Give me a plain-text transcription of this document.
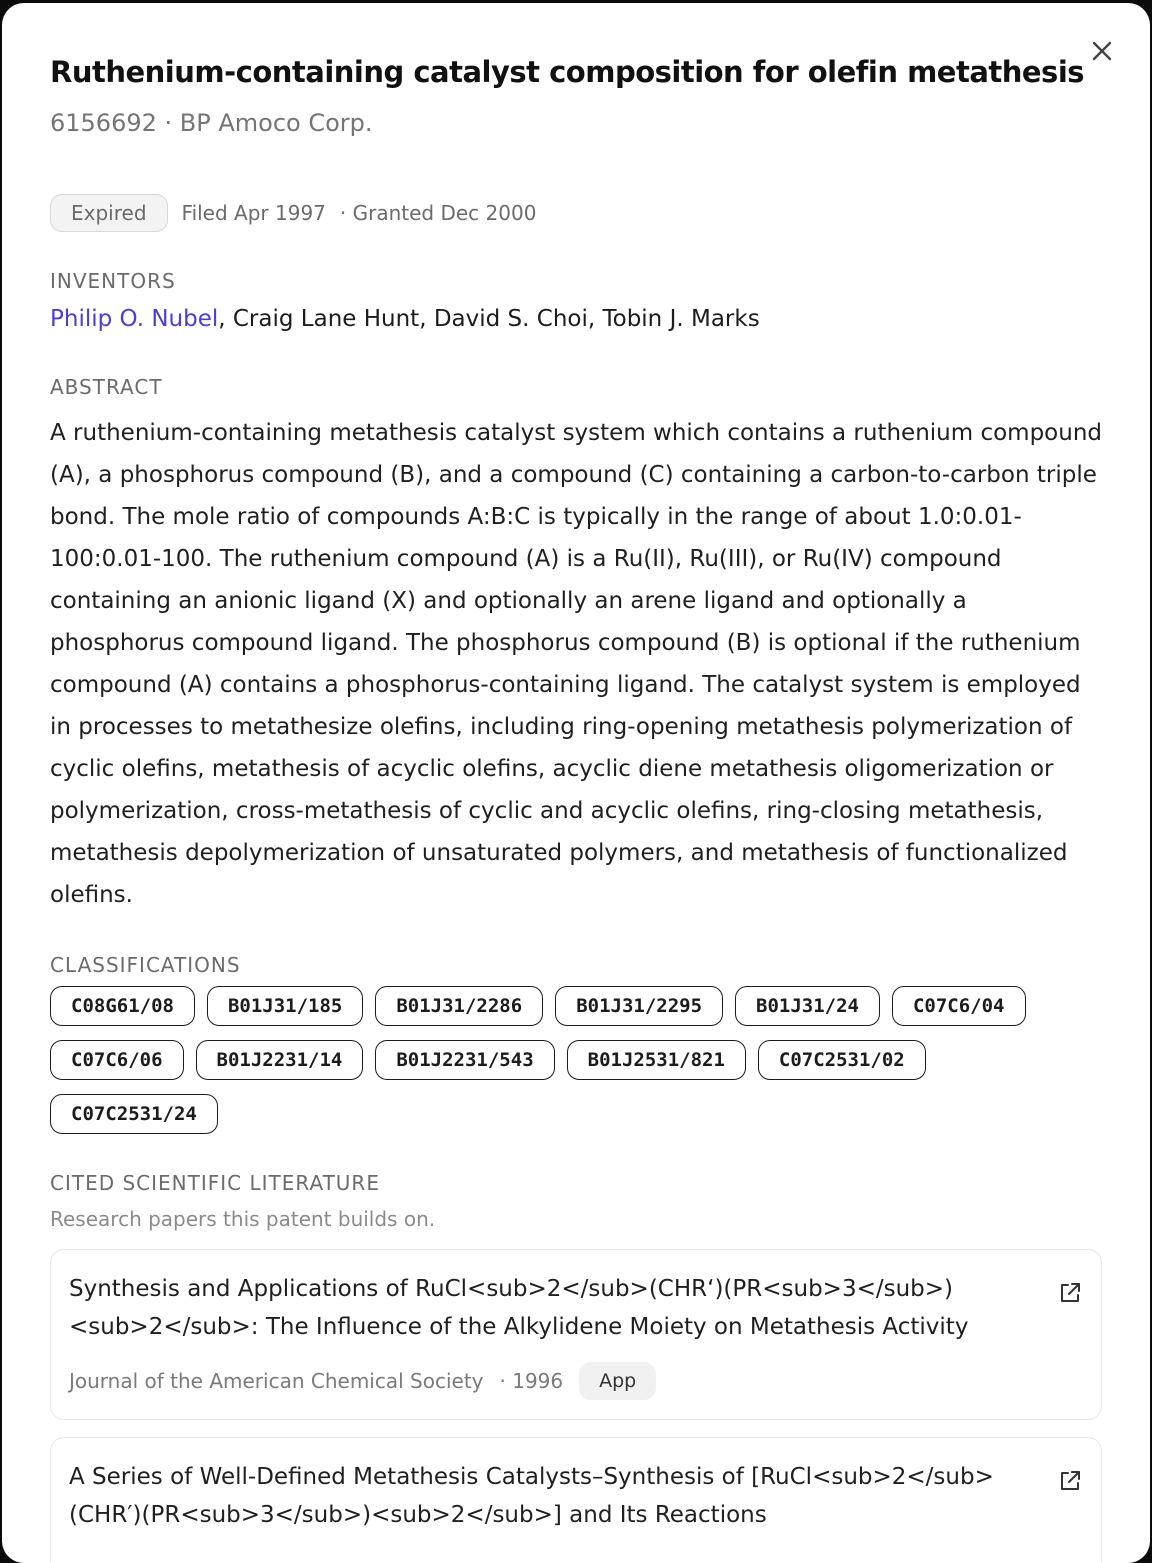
Ruthenium-containing catalyst composition for olefin metathesis
6156692 · BP Amoco Corp.
Expired	Filed Apr 1997 · Granted Dec 2000
INVENTORS
Philip O. Nubel, Craig Lane Hunt, David S. Choi, Tobin J. Marks
ABSTRACT
A ruthenium-containing metathesis catalyst system which contains a ruthenium compound (A), a phosphorus compound (B), and a compound (C) containing a carbon-to-carbon triple bond. The mole ratio of compounds A:B:C is typically in the range of about 1.0:0.01-100:0.01-100. The ruthenium compound (A) is a Ru(II), Ru(III), or Ru(IV) compound containing an anionic ligand (X) and optionally an arene ligand and optionally a phosphorus compound ligand. The phosphorus compound (B) is optional if the ruthenium compound (A) contains a phosphorus-containing ligand. The catalyst system is employed in processes to metathesize olefins, including ring-opening metathesis polymerization of cyclic olefins, metathesis of acyclic olefins, acyclic diene metathesis oligomerization or polymerization, cross-metathesis of cyclic and acyclic olefins, ring-closing metathesis, metathesis depolymerization of unsaturated polymers, and metathesis of functionalized olefins.
CLASSIFICATIONS
C08G61/08	B01J31/185	B01J31/2286	B01J31/2295	B01J31/24	C07C6/04
C07C6/06	B01J2231/14	B01J2231/543	B01J2531/821	C07C2531/02
C07C2531/24
CITED SCIENTIFIC LITERATURE
Research papers this patent builds on.
Synthesis and Applications of RuCl<sub>2</sub>(CHR‘)(PR<sub>3</sub>)<sub>2</sub>: The Influence of the Alkylidene Moiety on Metathesis Activity
Journal of the American Chemical Society · 1996	App
A Series of Well-Defined Metathesis Catalysts–Synthesis of [RuCl<sub>2</sub>(CHR′)(PR<sub>3</sub>)<sub>2</sub>] and Its Reactions
